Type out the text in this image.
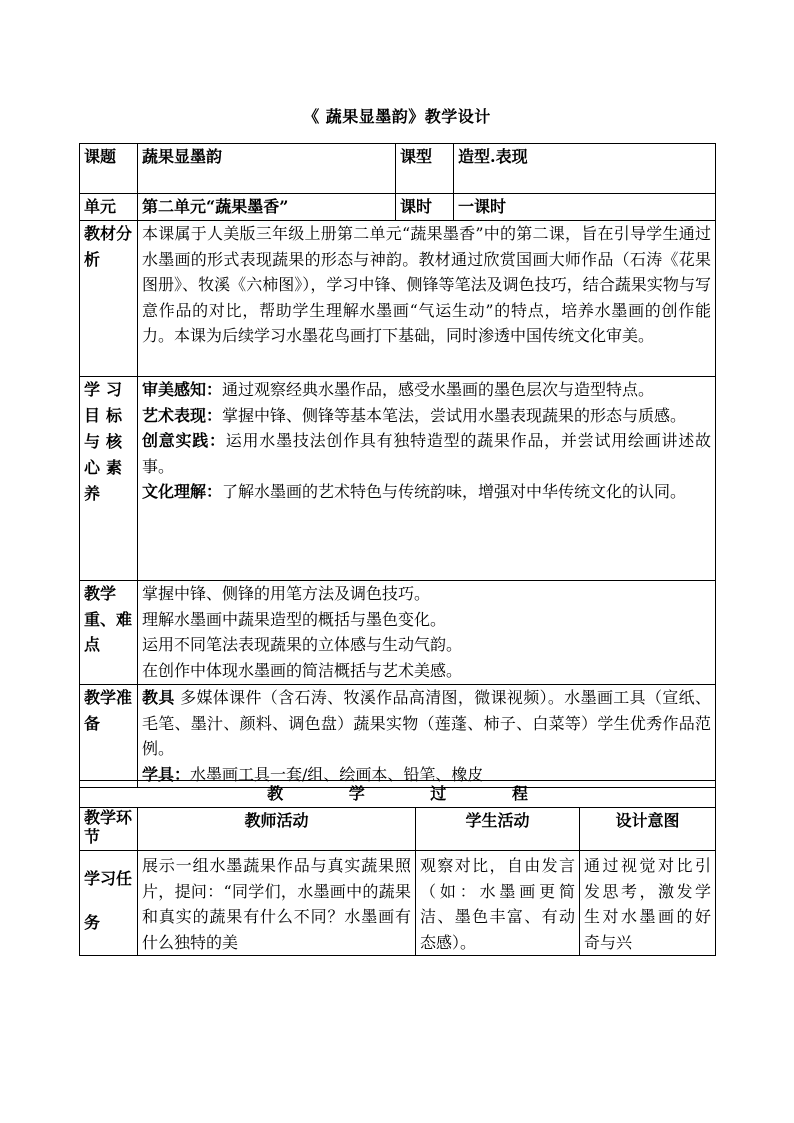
《 蔬果显墨韵》教学设计
课题	蔬果显墨韵	课型	造型.表现
单元	第二单元“蔬果墨香”	课时	一课时
教材分析	本课属于人美版三年级上册第二单元“蔬果墨香”中的第二课，旨在引导学生通过水墨画的形式表现蔬果的形态与神韵。教材通过欣赏国画大师作品（石涛《花果图册》、牧溪《六柿图》），学习中锋、侧锋等笔法及调色技巧，结合蔬果实物与写意作品的对比，帮助学生理解水墨画“气运生动”的特点，培养水墨画的创作能力。本课为后续学习水墨花鸟画打下基础，同时渗透中国传统文化审美。		
学习目标与核心素养	审美感知：通过观察经典水墨作品，感受水墨画的墨色层次与造型特点。
艺术表现：掌握中锋、侧锋等基本笔法，尝试用水墨表现蔬果的形态与质感。
创意实践：运用水墨技法创作具有独特造型的蔬果作品，并尝试用绘画讲述故事。
文化理解：了解水墨画的艺术特色与传统韵味，增强对中华传统文化的认同。		

教学重、难点	掌握中锋、侧锋的用笔方法及调色技巧。
理解水墨画中蔬果造型的概括与墨色变化。
运用不同笔法表现蔬果的立体感与生动气韵。
在创作中体现水墨画的简洁概括与艺术美感。		

教学准备	教具 多媒体课件（含石涛、牧溪作品高清图，微课视频）。水墨画工具（宣纸、毛笔、墨汁、颜料、调色盘）蔬果实物（莲蓬、柿子、白菜等）学生优秀作品范例。
学具：水墨画工具一套/组、绘画本、铅笔、橡皮		
教 学 过 程			
教学环节	教师活动	学生活动	设计意图
学习任务	展示一组水墨蔬果作品与真实蔬果照片，提问：“同学们，水墨画中的蔬果和真实的蔬果有什么不同？水墨画有什么独特的美	观察对比，自由发言（如：水墨画更简洁、墨色丰富、有动态感）。	通过视觉对比引发思考，激发学生对水墨画的好奇与兴
